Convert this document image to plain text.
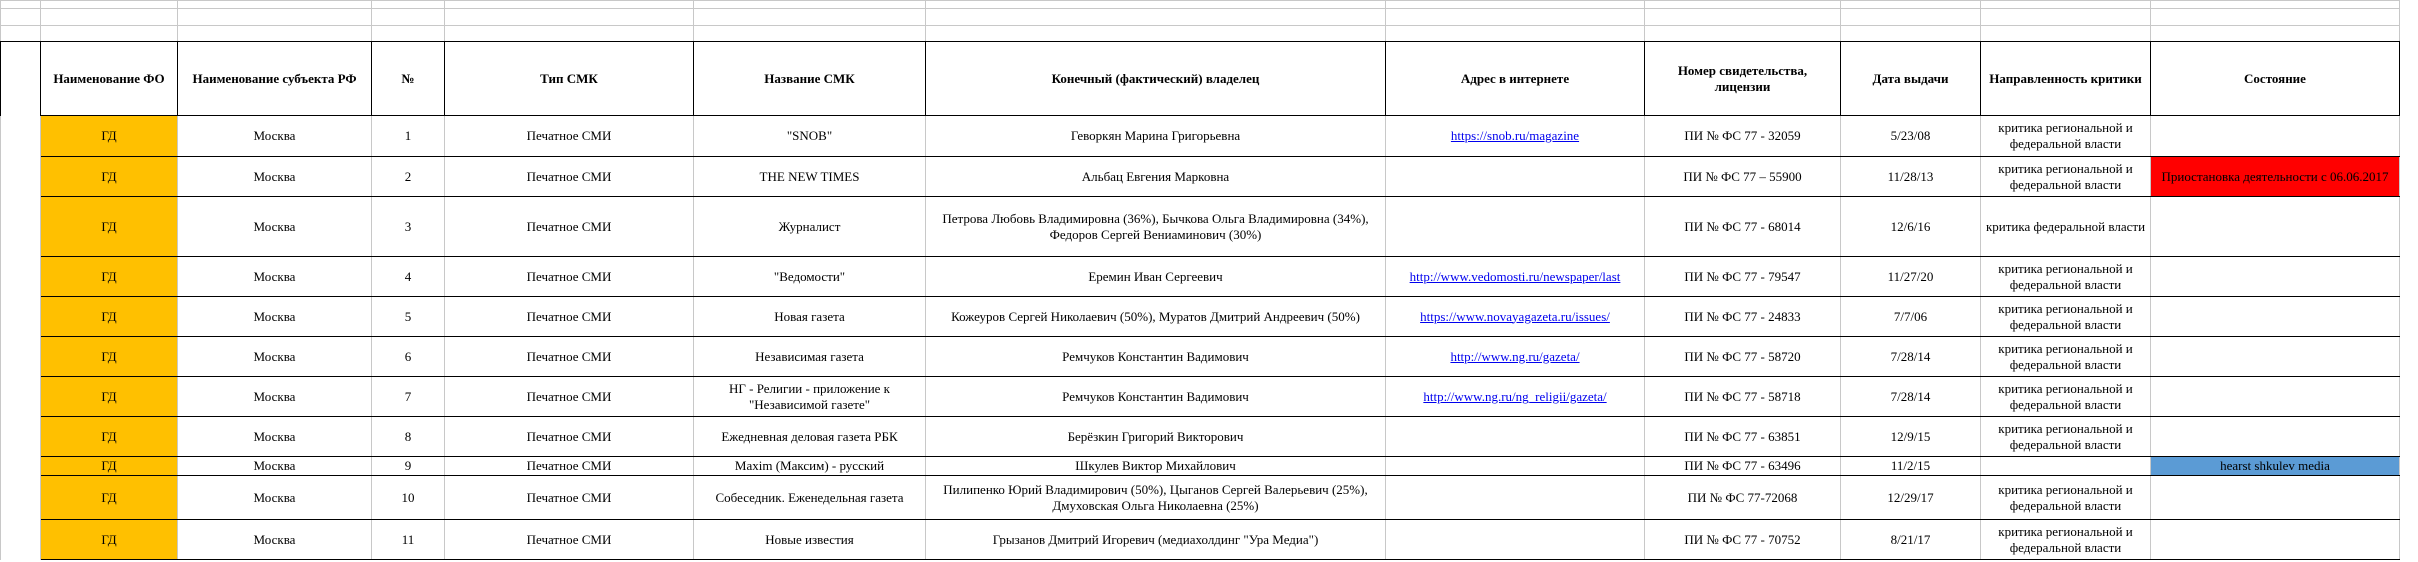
	Наименование ФО	Наименование субъекта РФ	№	Тип СМК	Название СМК	Конечный (фактический) владелец	Адрес в интернете	Номер свидетельства, лицензии	Дата выдачи	Направленность критики	Состояние
	ГД	Москва	1	Печатное СМИ	"SNOB"	Геворкян Марина Григорьевна	https://snob.ru/magazine	ПИ № ФС 77 - 32059	5/23/08	критика региональной и федеральной власти	
	ГД	Москва	2	Печатное СМИ	THE NEW TIMES	Альбац Евгения Марковна		ПИ № ФС 77 – 55900	11/28/13	критика региональной и федеральной власти	Приостановка деятельности с 06.06.2017
	ГД	Москва	3	Печатное СМИ	Журналист	Петрова Любовь Владимировна (36%), Бычкова Ольга Владимировна (34%), Федоров Сергей Вениаминович (30%)		ПИ № ФС 77 - 68014	12/6/16	критика федеральной власти	
	ГД	Москва	4	Печатное СМИ	"Ведомости"	Еремин Иван Сергеевич	http://www.vedomosti.ru/newspaper/last	ПИ № ФС 77 - 79547	11/27/20	критика региональной и федеральной власти	
	ГД	Москва	5	Печатное СМИ	Новая газета	Кожеуров Сергей Николаевич (50%), Муратов Дмитрий Андреевич (50%)	https://www.novayagazeta.ru/issues/	ПИ № ФС 77 - 24833	7/7/06	критика региональной и федеральной власти	
	ГД	Москва	6	Печатное СМИ	Независимая газета	Ремчуков Константин Вадимович	http://www.ng.ru/gazeta/	ПИ № ФС 77 - 58720	7/28/14	критика региональной и федеральной власти	
	ГД	Москва	7	Печатное СМИ	НГ - Религии - приложение к "Независимой газете"	Ремчуков Константин Вадимович	http://www.ng.ru/ng_religii/gazeta/	ПИ № ФС 77 - 58718	7/28/14	критика региональной и федеральной власти	
	ГД	Москва	8	Печатное СМИ	Ежедневная деловая газета РБК	Берёзкин Григорий Викторович		ПИ № ФС 77 - 63851	12/9/15	критика региональной и федеральной власти	
	ГД	Москва	9	Печатное СМИ	Maxim (Максим) - русский	Шкулев Виктор Михайлович		ПИ № ФС 77 - 63496	11/2/15		hearst shkulev media
	ГД	Москва	10	Печатное СМИ	Собеседник. Еженедельная газета	Пилипенко Юрий Владимирович (50%), Цыганов Сергей Валерьевич (25%), Дмуховская Ольга Николаевна (25%)		ПИ № ФС 77-72068	12/29/17	критика региональной и федеральной власти	
	ГД	Москва	11	Печатное СМИ	Новые известия	Грызанов Дмитрий Игоревич (медиахолдинг "Ура Медиа")		ПИ № ФС 77 - 70752	8/21/17	критика региональной и федеральной власти	
